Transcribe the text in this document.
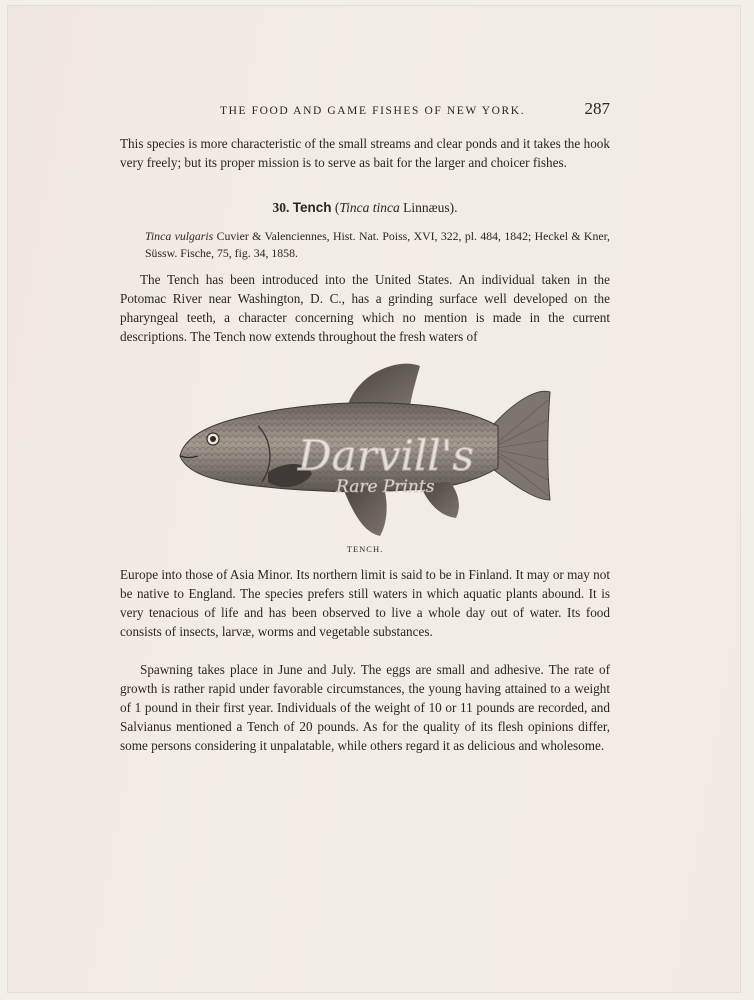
THE FOOD AND GAME FISHES OF NEW YORK.	287
This species is more characteristic of the small streams and clear ponds and it takes the hook very freely; but its proper mission is to serve as bait for the larger and choicer fishes.
30. Tench (Tinca tinca Linnæus).
Tinca vulgaris Cuvier & Valenciennes, Hist. Nat. Poiss, XVI, 322, pl. 484, 1842; Heckel & Kner, Süssw. Fische, 75, fig. 34, 1858.
The Tench has been introduced into the United States. An individual taken in the Potomac River near Washington, D. C., has a grinding surface well developed on the pharyngeal teeth, a character concerning which no mention is made in the current descriptions. The Tench now extends throughout the fresh waters of
Darvill's
Rare Prints
TENCH.
Europe into those of Asia Minor. Its northern limit is said to be in Finland. It may or may not be native to England. The species prefers still waters in which aquatic plants abound. It is very tenacious of life and has been observed to live a whole day out of water. Its food consists of insects, larvæ, worms and vegetable substances.
Spawning takes place in June and July. The eggs are small and adhesive. The rate of growth is rather rapid under favorable circumstances, the young having attained to a weight of 1 pound in their first year. Individuals of the weight of 10 or 11 pounds are recorded, and Salvianus mentioned a Tench of 20 pounds. As for the quality of its flesh opinions differ, some persons considering it unpalatable, while others regard it as delicious and wholesome.
